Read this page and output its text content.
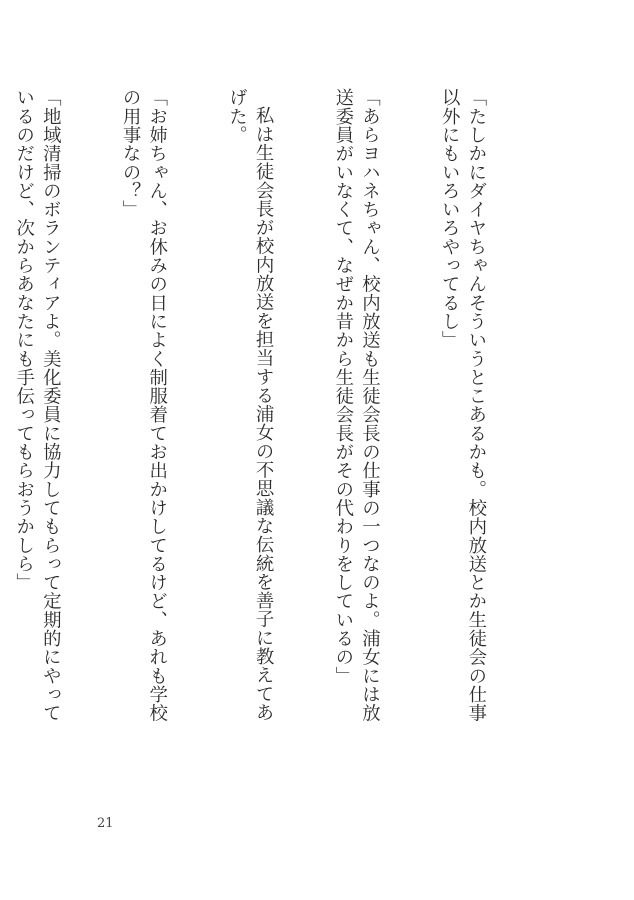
「たしかにダイヤちゃんそういうとこあるかも。校内放送とか生徒会の仕事以外にもいろいろやってるし」

「あらヨハネちゃん、校内放送も生徒会長の仕事の一つなのよ。浦女には放送委員がいなくて、なぜか昔から生徒会長がその代わりをしているの」

私は生徒会長が校内放送を担当する浦女の不思議な伝統を善子に教えてあげた。

「お姉ちゃん、お休みの日によく制服着てお出かけしてるけど、あれも学校の用事なの？」

「地域清掃のボランティアよ。美化委員に協力してもらって定期的にやっているのだけど、次からあなたにも手伝ってもらおうかしら」

21
